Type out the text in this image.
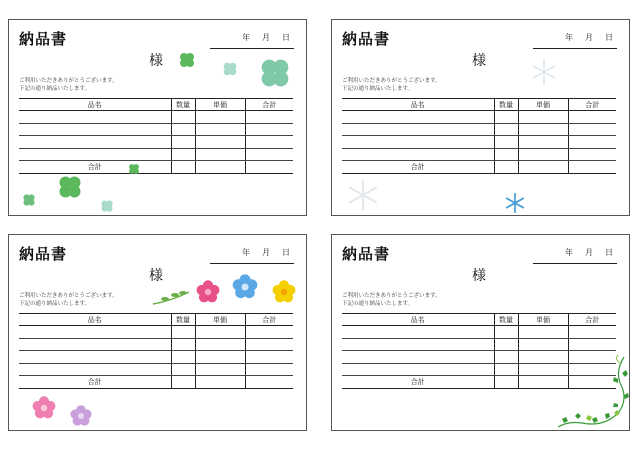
納品書	年 月 日
様
ご利用いただきありがとうございます。
下記の通り納品いたします。
品名	数量	単価	合計

合計			
納品書	年 月 日
様
ご利用いただきありがとうございます。
下記の通り納品いたします。
品名	数量	単価	合計

合計			
納品書	年 月 日
様
ご利用いただきありがとうございます。
下記の通り納品いたします。
品名	数量	単価	合計

合計			
納品書	年 月 日
様
ご利用いただきありがとうございます。
下記の通り納品いたします。
品名	数量	単価	合計

合計			
